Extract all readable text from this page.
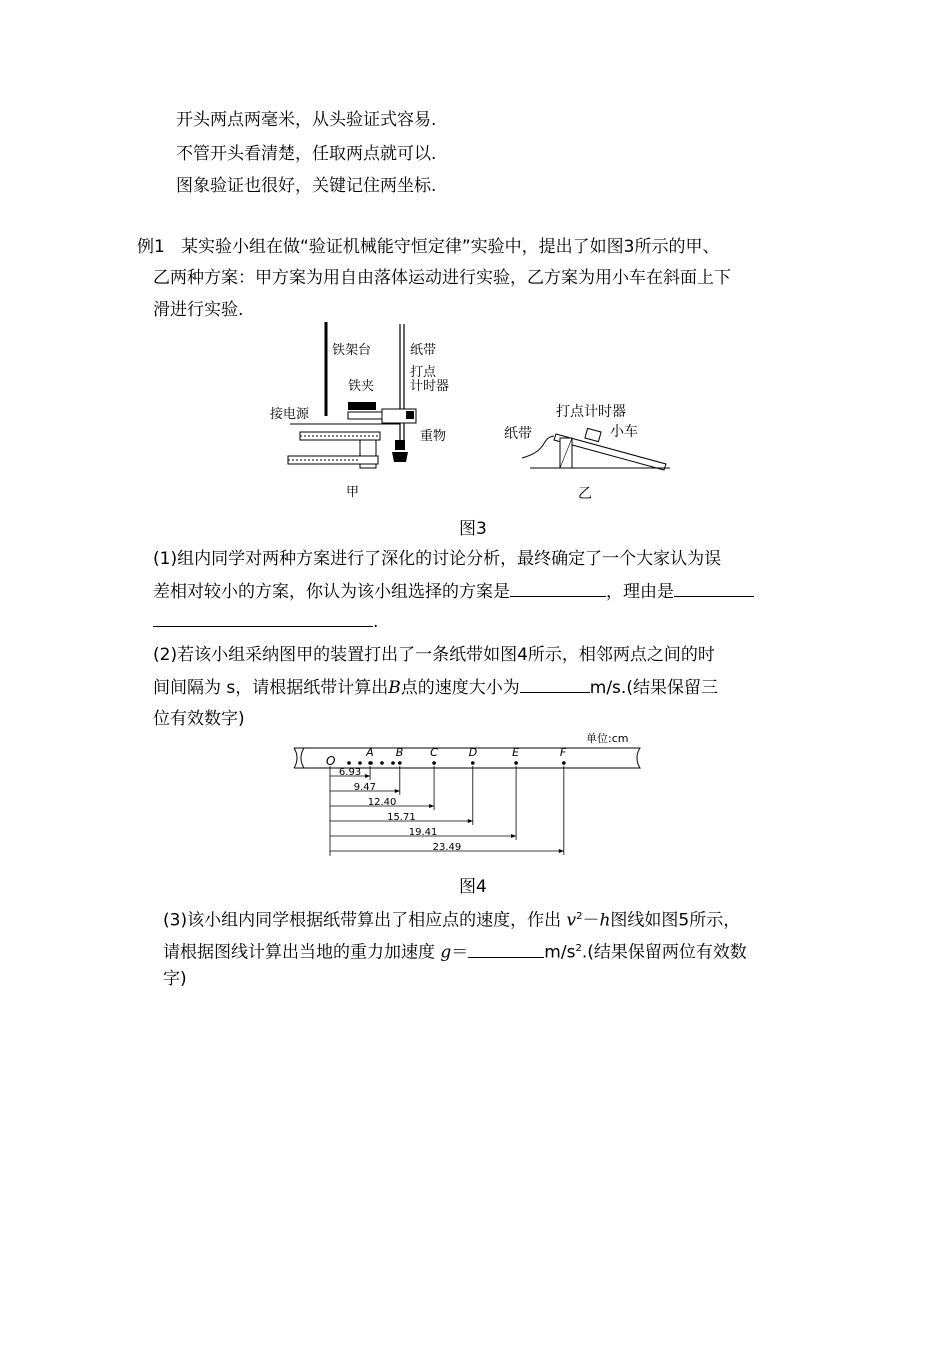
开头两点两毫米，从头验证式容易.
不管开头看清楚，任取两点就可以.
图象验证也很好，关键记住两坐标.
例1 某实验小组在做“验证机械能守恒定律”实验中，提出了如图3所示的甲、
乙两种方案：甲方案为用自由落体运动进行实验，乙方案为用小车在斜面上下
滑进行实验.
铁架台
铁夹
接电源
纸带
打点
计时器
重物
甲
打点计时器
小车
纸带
乙
图3
(1)组内同学对两种方案进行了深化的讨论分析，最终确定了一个大家认为误
差相对较小的方案，你认为该小组选择的方案是	，理由是
.
(2)若该小组采纳图甲的装置打出了一条纸带如图4所示，相邻两点之间的时
间间隔为 s，请根据纸带计算出B点的速度大小为	m/s.(结果保留三
位有效数字)
单位:cm
O
A B C	D	E	F
6.93
9.47
12.40
15.71
19.41
23.49
图4
(3)该小组内同学根据纸带算出了相应点的速度，作出 $v^2-h$图线如图5所示，
请根据图线计算出当地的重力加速度 g＝	$m/s^2$.(结果保留两位有效数
字)
